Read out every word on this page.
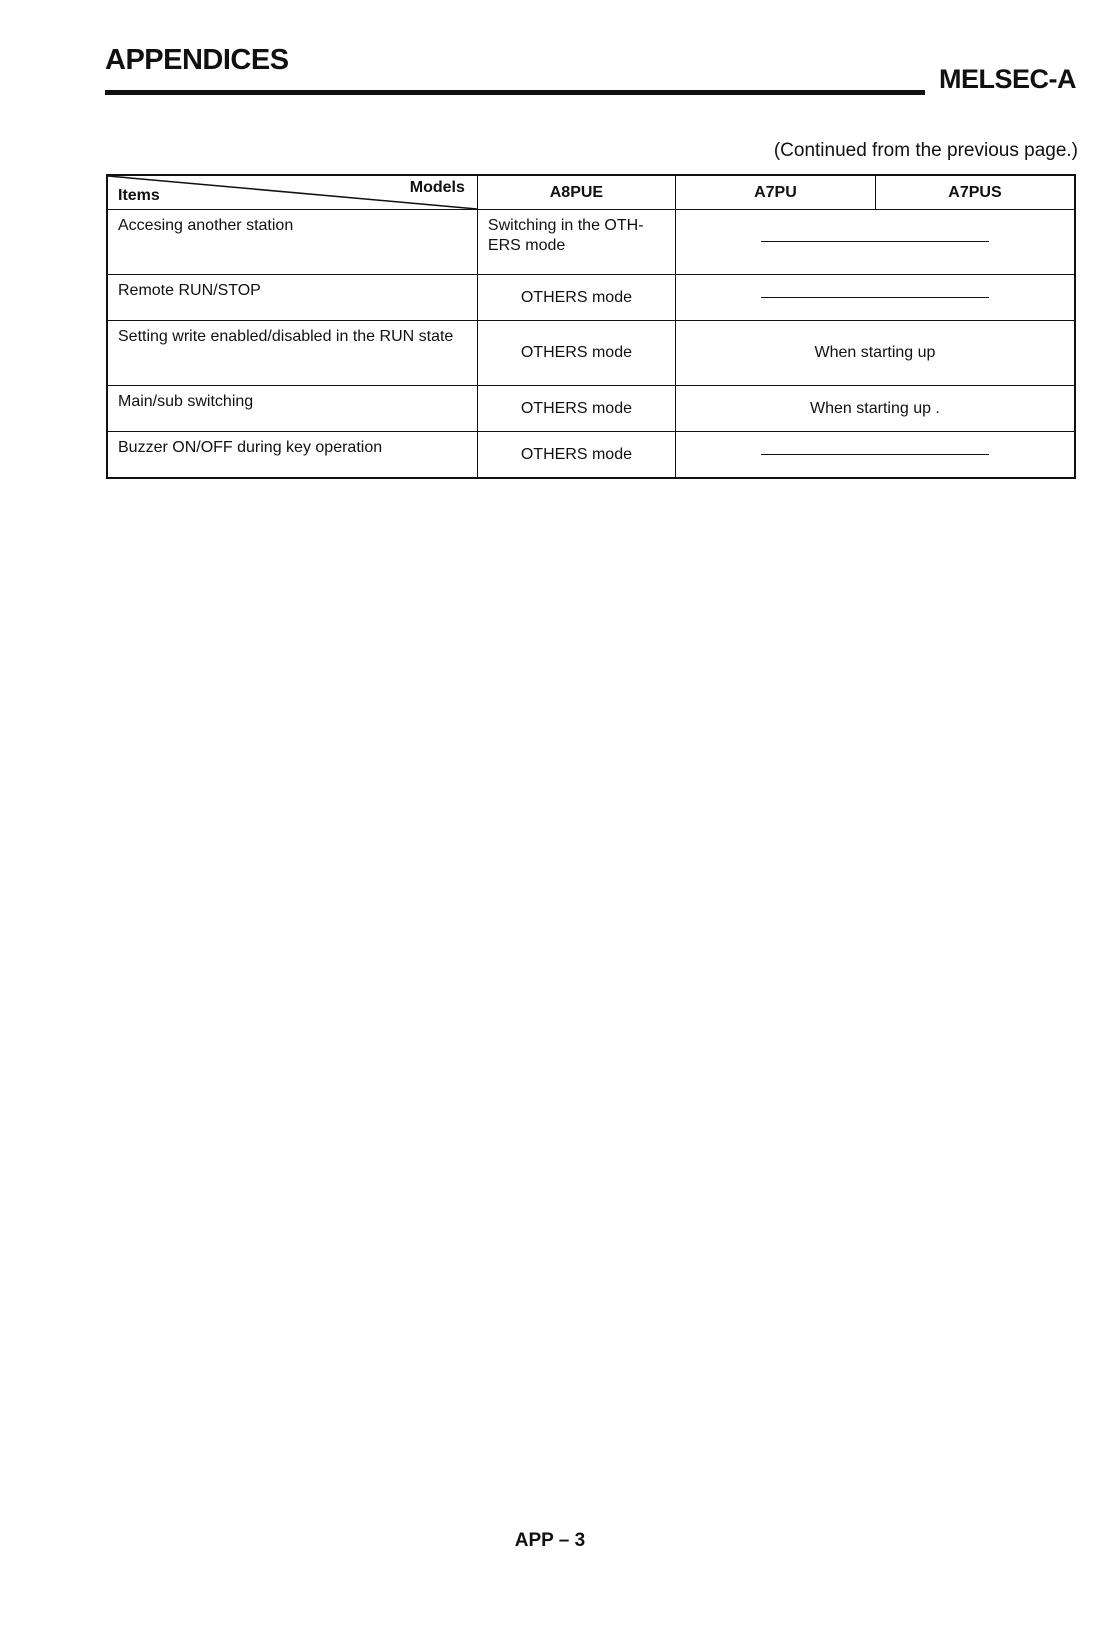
APPENDICES
MELSEC-A
(Continued from the previous page.)
Items Models	A8PUE	A7PU	A7PUS
Accesing another station	Switching in the OTH-ERS mode		
Remote RUN/STOP	OTHERS mode		
Setting write enabled/disabled in the RUN state	OTHERS mode	When starting up	
Main/sub switching	OTHERS mode	When starting up .	
Buzzer ON/OFF during key operation	OTHERS mode		
APP – 3
